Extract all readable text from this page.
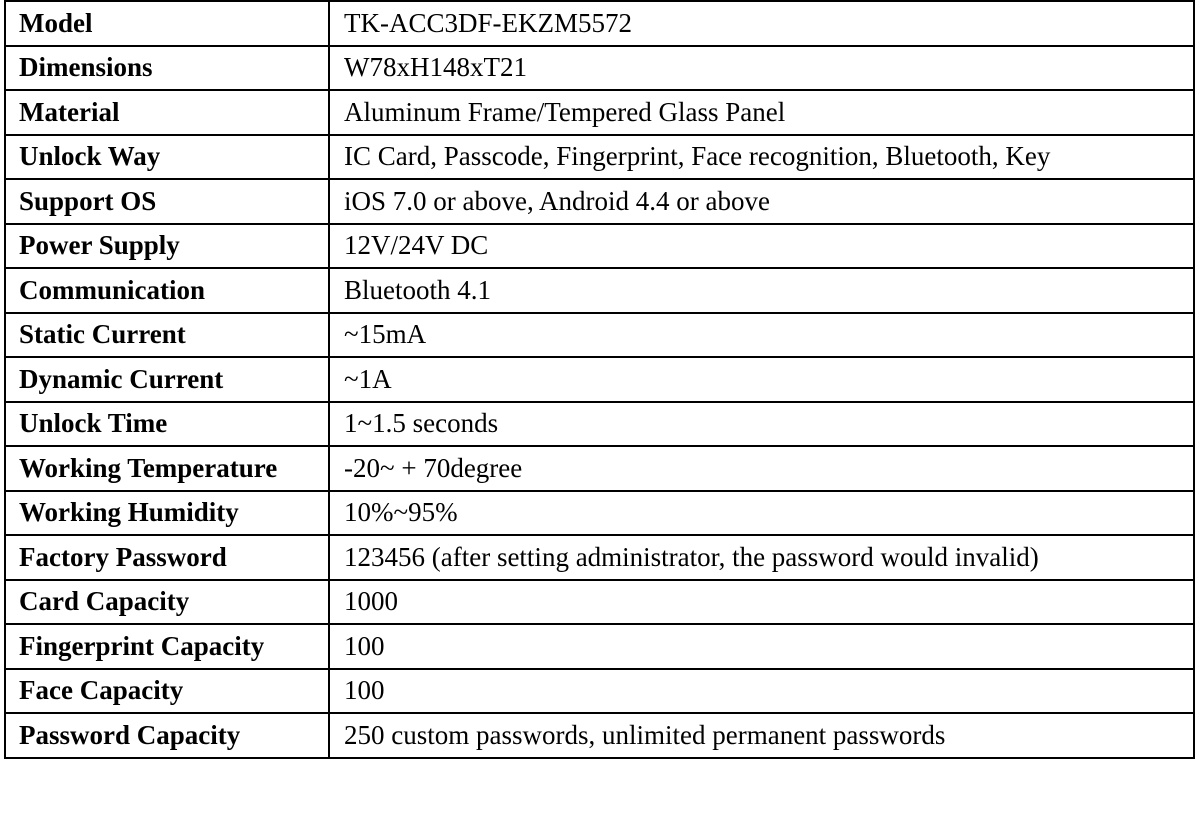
Model	TK-ACC3DF-EKZM5572
Dimensions	W78xH148xT21
Material	Aluminum Frame/Tempered Glass Panel
Unlock Way	IC Card, Passcode, Fingerprint, Face recognition, Bluetooth, Key
Support OS	iOS 7.0 or above, Android 4.4 or above
Power Supply	12V/24V DC
Communication	Bluetooth 4.1
Static Current	~15mA
Dynamic Current	~1A
Unlock Time	1~1.5 seconds
Working Temperature	-20~ + 70degree
Working Humidity	10%~95%
Factory Password	123456 (after setting administrator, the password would invalid)
Card Capacity	1000
Fingerprint Capacity	100
Face Capacity	100
Password Capacity	250 custom passwords, unlimited permanent passwords
